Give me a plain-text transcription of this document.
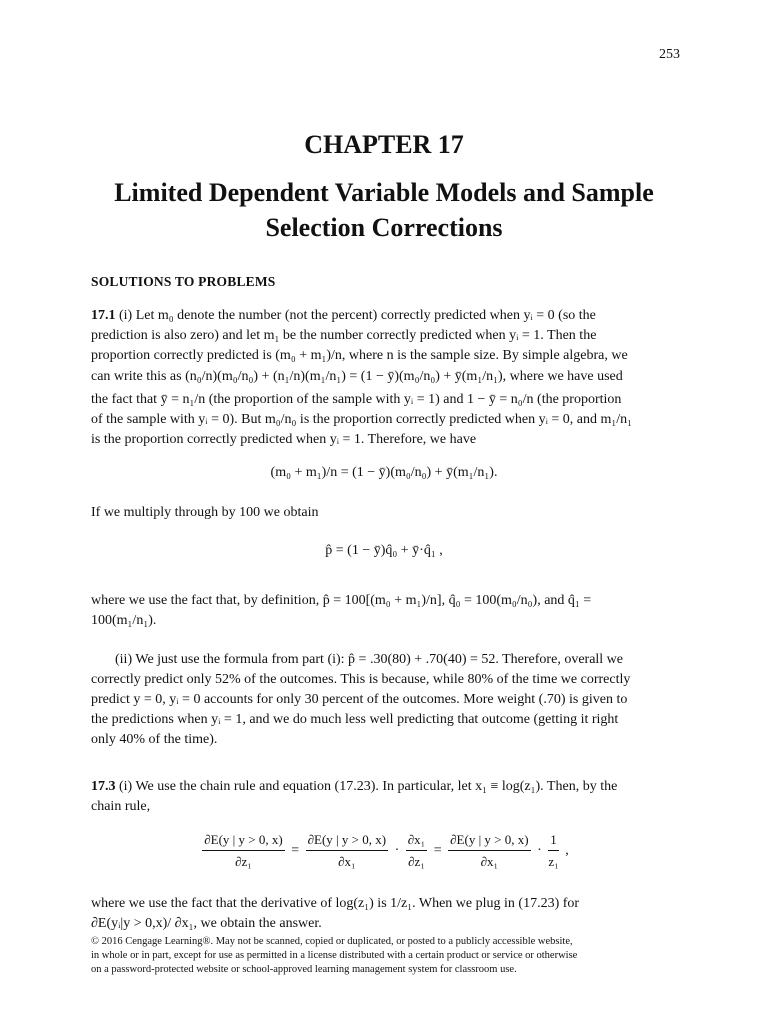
253
CHAPTER 17
Limited Dependent Variable Models and Sample
Selection Corrections
SOLUTIONS TO PROBLEMS
17.1 (i) Let m₀ denote the number (not the percent) correctly predicted when yᵢ = 0 (so the
prediction is also zero) and let m₁ be the number correctly predicted when yᵢ = 1. Then the
proportion correctly predicted is (m₀ + m₁)/n, where n is the sample size. By simple algebra, we
can write this as (n₀/n)(m₀/n₀) + (n₁/n)(m₁/n₁) = (1 − ȳ)(m₀/n₀) + ȳ(m₁/n₁), where we have used
the fact that ȳ = n₁/n (the proportion of the sample with yᵢ = 1) and 1 − ȳ = n₀/n (the proportion
of the sample with yᵢ = 0). But m₀/n₀ is the proportion correctly predicted when yᵢ = 0, and m₁/n₁
is the proportion correctly predicted when yᵢ = 1. Therefore, we have
(m₀ + m₁)/n = (1 − ȳ)(m₀/n₀) + ȳ(m₁/n₁).
If we multiply through by 100 we obtain
p̂ = (1 − ȳ)q̂₀ + ȳ·q̂₁ ,
where we use the fact that, by definition, p̂ = 100[(m₀ + m₁)/n], q̂₀ = 100(m₀/n₀), and q̂₁ =
100(m₁/n₁).
(ii) We just use the formula from part (i): p̂ = .30(80) + .70(40) = 52. Therefore, overall we
correctly predict only 52% of the outcomes. This is because, while 80% of the time we correctly
predict y = 0, yᵢ = 0 accounts for only 30 percent of the outcomes. More weight (.70) is given to
the predictions when yᵢ = 1, and we do much less well predicting that outcome (getting it right
only 40% of the time).
17.3 (i) We use the chain rule and equation (17.23). In particular, let x₁ ≡ log(z₁). Then, by the
chain rule,
$\frac{\partial E(y | y > 0, x)}{\text{∂z₁}} = \frac{\partial E(y | y > 0, x)}{\text{∂x₁}} \cdot \frac{\text{∂x₁}}{\text{∂z₁}} = \frac{\partial E(y | y > 0, x)}{\text{∂x₁}} \cdot \frac{1}{\text{z₁}}$ ,
where we use the fact that the derivative of log(z₁) is 1/z₁. When we plug in (17.23) for
∂E(yᵢ|y > 0,x)/ ∂x₁, we obtain the answer.
© 2016 Cengage Learning®. May not be scanned, copied or duplicated, or posted to a publicly accessible website,
in whole or in part, except for use as permitted in a license distributed with a certain product or service or otherwise
on a password-protected website or school-approved learning management system for classroom use.
